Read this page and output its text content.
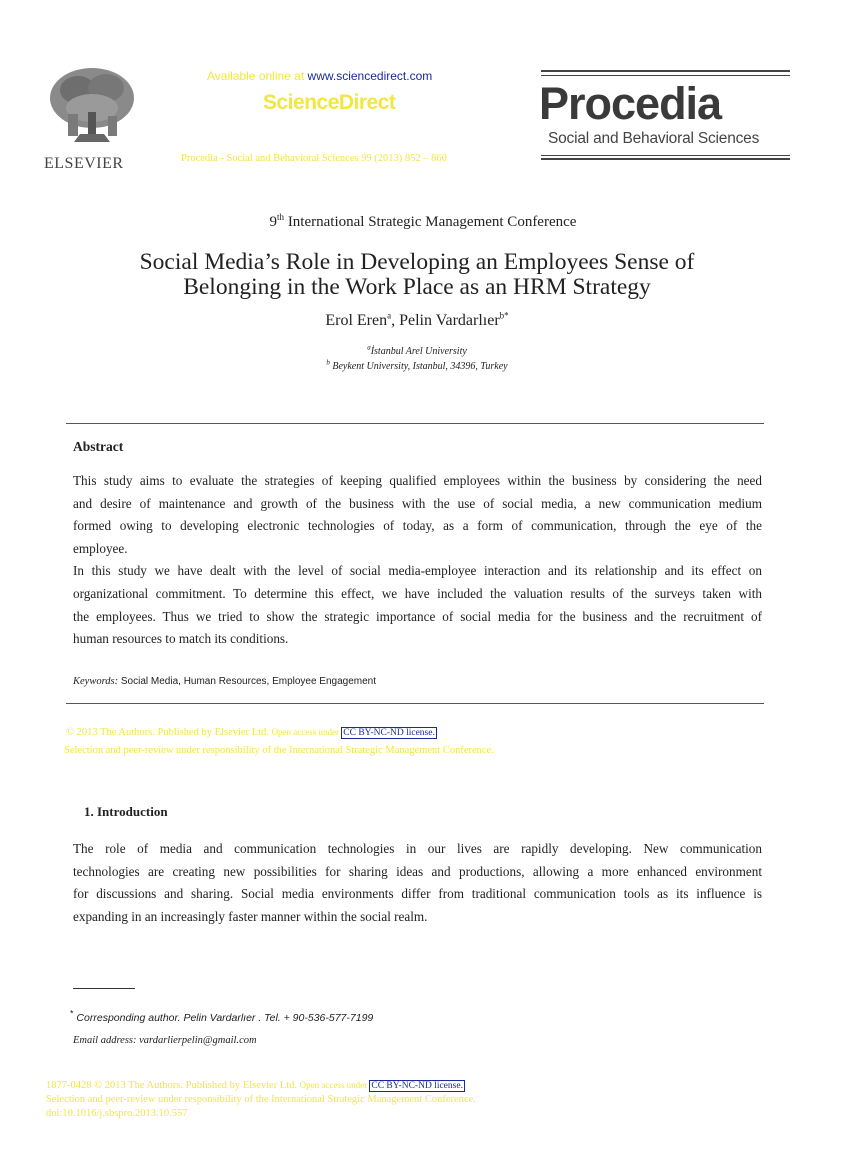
ELSEVIER
Available online at www.sciencedirect.com
ScienceDirect
Procedia - Social and Behavioral Sciences 99 (2013) 852 – 860
Procedia
Social and Behavioral Sciences
9th International Strategic Management Conference
Social Media’s Role in Developing an Employees Sense of
Belonging in the Work Place as an HRM Strategy
Erol Eren$^a$, Pelin Vardarlıer$^{b*}$
$^a$İstanbul Arel University
$^b$ Beykent University, Istanbul, 34396, Turkey
Abstract
This study aims to evaluate the strategies of keeping qualified employees within the business by considering the need
and desire of maintenance and growth of the business with the use of social media, a new communication medium
formed owing to developing electronic technologies of today, as a form of communication, through the eye of the
employee.
In this study we have dealt with the level of social media-employee interaction and its relationship and its effect on
organizational commitment. To determine this effect, we have included the valuation results of the surveys taken with
the employees. Thus we tried to show the strategic importance of social media for the business and the recruitment of
human resources to match its conditions.
Keywords: Social Media, Human Resources, Employee Engagement
© 2013 The Authors. Published by Elsevier Ltd. Open access under CC BY-NC-ND license.
Selection and peer-review under responsibility of the International Strategic Management Conference.
1. Introduction
The role of media and communication technologies in our lives are rapidly developing. New communication
technologies are creating new possibilities for sharing ideas and productions, allowing a more enhanced environment
for discussions and sharing. Social media environments differ from traditional communication tools as its influence is
expanding in an increasingly faster manner within the social realm.
* Corresponding author. Pelin Vardarlıer . Tel. + 90-536-577-7199
Email address: vardarlierpelin@gmail.com
1877-0428 © 2013 The Authors. Published by Elsevier Ltd. Open access under CC BY-NC-ND license.
Selection and peer-review under responsibility of the International Strategic Management Conference.
doi:10.1016/j.sbspro.2013.10.557
